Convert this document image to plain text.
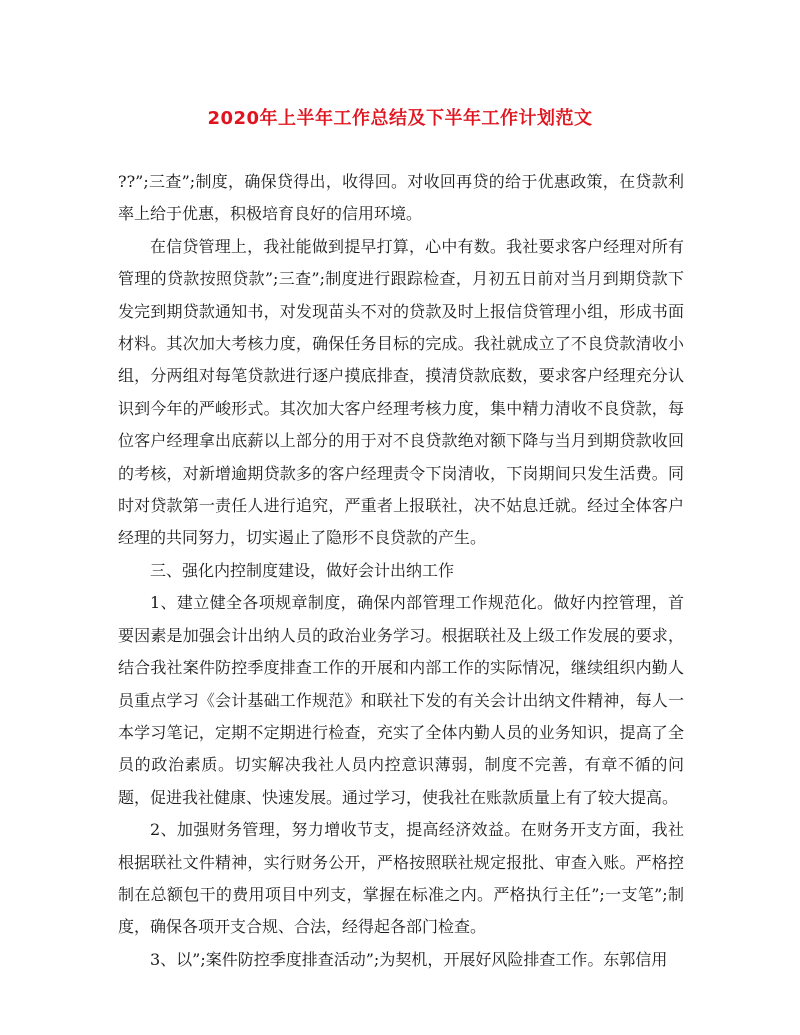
2020年上半年工作总结及下半年工作计划范文

??”;三查”;制度，确保贷得出，收得回。对收回再贷的给于优惠政策，在贷款利率上给于优惠，积极培育良好的信用环境。

在信贷管理上，我社能做到提早打算，心中有数。我社要求客户经理对所有管理的贷款按照贷款”;三查”;制度进行跟踪检查，月初五日前对当月到期贷款下发完到期贷款通知书，对发现苗头不对的贷款及时上报信贷管理小组，形成书面材料。其次加大考核力度，确保任务目标的完成。我社就成立了不良贷款清收小组，分两组对每笔贷款进行逐户摸底排查，摸清贷款底数，要求客户经理充分认识到今年的严峻形式。其次加大客户经理考核力度，集中精力清收不良贷款，每位客户经理拿出底薪以上部分的用于对不良贷款绝对额下降与当月到期贷款收回的考核，对新增逾期贷款多的客户经理责令下岗清收，下岗期间只发生活费。同时对贷款第一责任人进行追究，严重者上报联社，决不姑息迁就。经过全体客户经理的共同努力，切实遏止了隐形不良贷款的产生。

三、强化内控制度建设，做好会计出纳工作

1、建立健全各项规章制度，确保内部管理工作规范化。做好内控管理，首要因素是加强会计出纳人员的政治业务学习。根据联社及上级工作发展的要求，结合我社案件防控季度排查工作的开展和内部工作的实际情况，继续组织内勤人员重点学习《会计基础工作规范》和联社下发的有关会计出纳文件精神，每人一本学习笔记，定期不定期进行检查，充实了全体内勤人员的业务知识，提高了全员的政治素质。切实解决我社人员内控意识薄弱，制度不完善，有章不循的问题，促进我社健康、快速发展。通过学习，使我社在账款质量上有了较大提高。

2、加强财务管理，努力增收节支，提高经济效益。在财务开支方面，我社根据联社文件精神，实行财务公开，严格按照联社规定报批、审查入账。严格控制在总额包干的费用项目中列支，掌握在标准之内。严格执行主任”;一支笔”;制度，确保各项开支合规、合法，经得起各部门检查。

3、以”;案件防控季度排查活动”;为契机，开展好风险排查工作。东郭信用
